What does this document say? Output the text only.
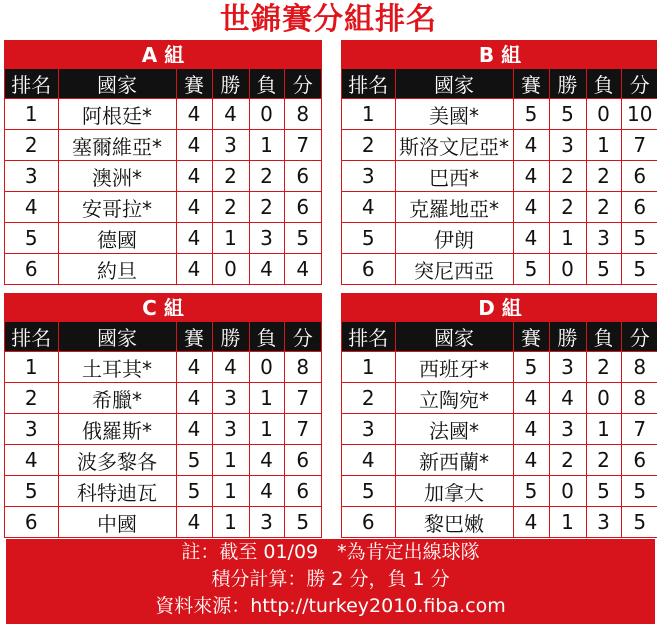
世錦賽分組排名
A 組
排名	國家	賽	勝	負	分
1	阿根廷*	4	4	0	8
2	塞爾維亞*	4	3	1	7
3	澳洲*	4	2	2	6
4	安哥拉*	4	2	2	6
5	德國	4	1	3	5
6	約旦	4	0	4	4
B 組
排名	國家	賽	勝	負	分
1	美國*	5	5	0	10
2	斯洛文尼亞*	4	3	1	7
3	巴西*	4	2	2	6
4	克羅地亞*	4	2	2	6
5	伊朗	4	1	3	5
6	突尼西亞	5	0	5	5
C 組
排名	國家	賽	勝	負	分
1	土耳其*	4	4	0	8
2	希臘*	4	3	1	7
3	俄羅斯*	4	3	1	7
4	波多黎各	5	1	4	6
5	科特迪瓦	5	1	4	6
6	中國	4	1	3	5
D 組
排名	國家	賽	勝	負	分
1	西班牙*	5	3	2	8
2	立陶宛*	4	4	0	8
3	法國*	4	3	1	7
4	新西蘭*	4	2	2	6
5	加拿大	5	0	5	5
6	黎巴嫩	4	1	3	5
註：截至 01/09　*為肯定出線球隊
積分計算：勝 2 分，負 1 分
資料來源：http://turkey2010.fiba.com
